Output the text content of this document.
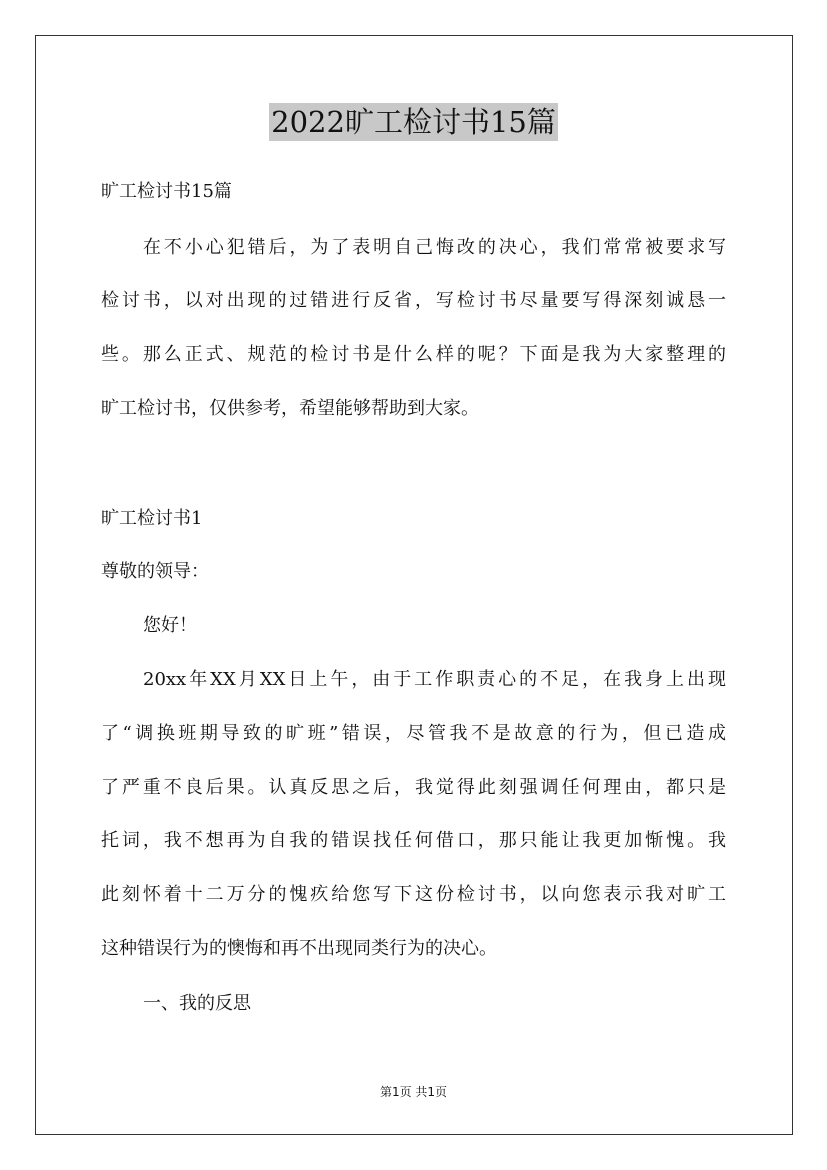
2022旷工检讨书15篇
旷工检讨书15篇
在不小心犯错后，为了表明自己悔改的决心，我们常常被要求写
检讨书，以对出现的过错进行反省，写检讨书尽量要写得深刻诚恳一
些。那么正式、规范的检讨书是什么样的呢？下面是我为大家整理的
旷工检讨书，仅供参考，希望能够帮助到大家。
旷工检讨书1
尊敬的领导：
您好！
20xx年XX月XX日上午，由于工作职责心的不足，在我身上出现
了“调换班期导致的旷班”错误，尽管我不是故意的行为，但已造成
了严重不良后果。认真反思之后，我觉得此刻强调任何理由，都只是
托词，我不想再为自我的错误找任何借口，那只能让我更加惭愧。我
此刻怀着十二万分的愧疚给您写下这份检讨书，以向您表示我对旷工
这种错误行为的懊悔和再不出现同类行为的决心。
一、我的反思
第1页 共1页
